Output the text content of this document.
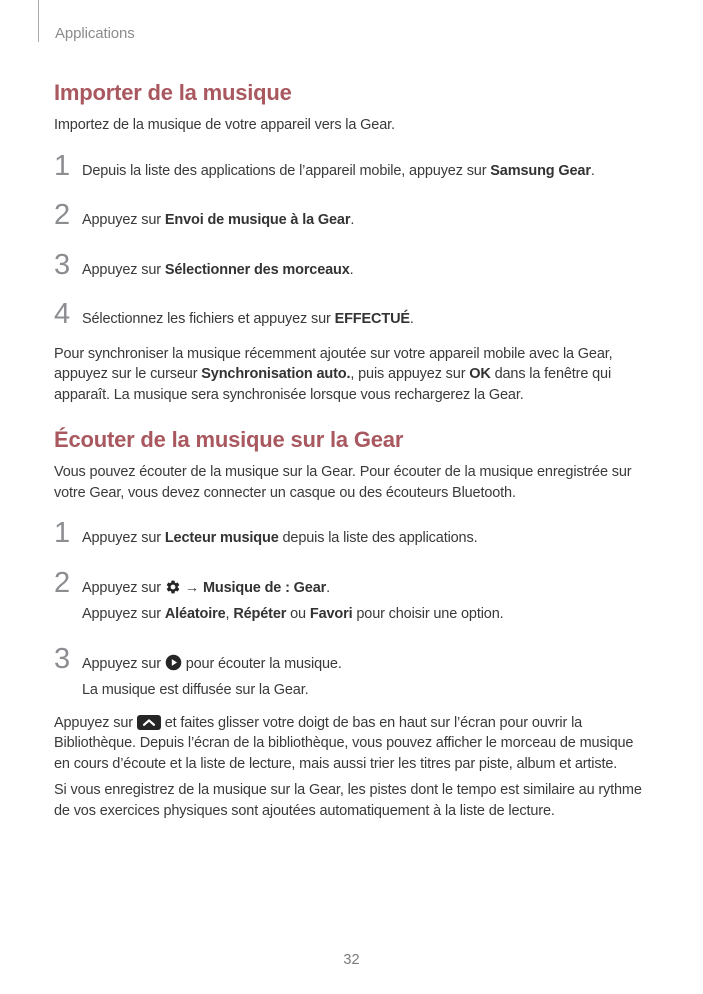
Applications
Importer de la musique

Importez de la musique de votre appareil vers la Gear.

1 Depuis la liste des applications de l’appareil mobile, appuyez sur Samsung Gear.
2 Appuyez sur Envoi de musique à la Gear.
3 Appuyez sur Sélectionner des morceaux.
4 Sélectionnez les fichiers et appuyez sur EFFECTUÉ.

Pour synchroniser la musique récemment ajoutée sur votre appareil mobile avec la Gear, appuyez sur le curseur Synchronisation auto., puis appuyez sur OK dans la fenêtre qui apparaît. La musique sera synchronisée lorsque vous rechargerez la Gear.

Écouter de la musique sur la Gear

Vous pouvez écouter de la musique sur la Gear. Pour écouter de la musique enregistrée sur votre Gear, vous devez connecter un casque ou des écouteurs Bluetooth.

1 Appuyez sur Lecteur musique depuis la liste des applications.
2 Appuyez sur  → Musique de : Gear.
Appuyez sur Aléatoire, Répéter ou Favori pour choisir une option.
3 Appuyez sur  pour écouter la musique.
La musique est diffusée sur la Gear.

Appuyez sur  et faites glisser votre doigt de bas en haut sur l’écran pour ouvrir la Bibliothèque. Depuis l’écran de la bibliothèque, vous pouvez afficher le morceau de musique en cours d’écoute et la liste de lecture, mais aussi trier les titres par piste, album et artiste.

Si vous enregistrez de la musique sur la Gear, les pistes dont le tempo est similaire au rythme de vos exercices physiques sont ajoutées automatiquement à la liste de lecture.

32
